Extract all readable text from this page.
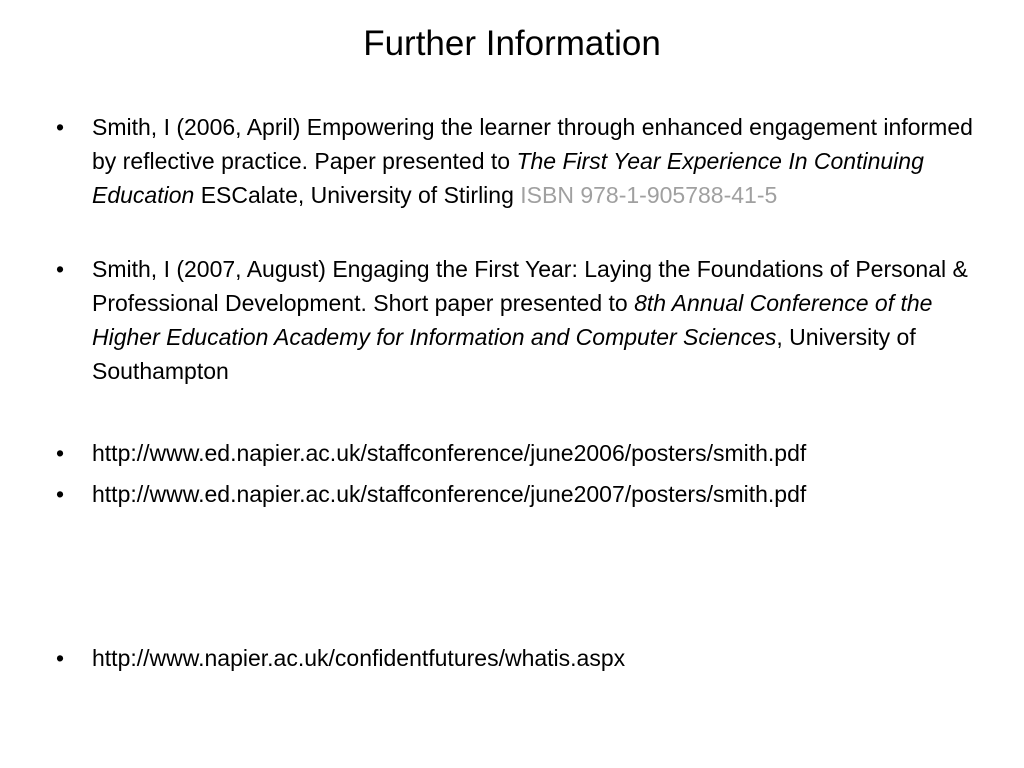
Further Information
• Smith, I (2006, April) Empowering the learner through enhanced engagement informed by reflective practice. Paper presented to The First Year Experience In Continuing Education ESCalate, University of Stirling ISBN 978-1-905788-41-5
• Smith, I (2007, August) Engaging the First Year: Laying the Foundations of Personal & Professional Development. Short paper presented to 8th Annual Conference of the Higher Education Academy for Information and Computer Sciences, University of Southampton
• http://www.ed.napier.ac.uk/staffconference/june2006/posters/smith.pdf
• http://www.ed.napier.ac.uk/staffconference/june2007/posters/smith.pdf
• http://www.napier.ac.uk/confidentfutures/whatis.aspx
